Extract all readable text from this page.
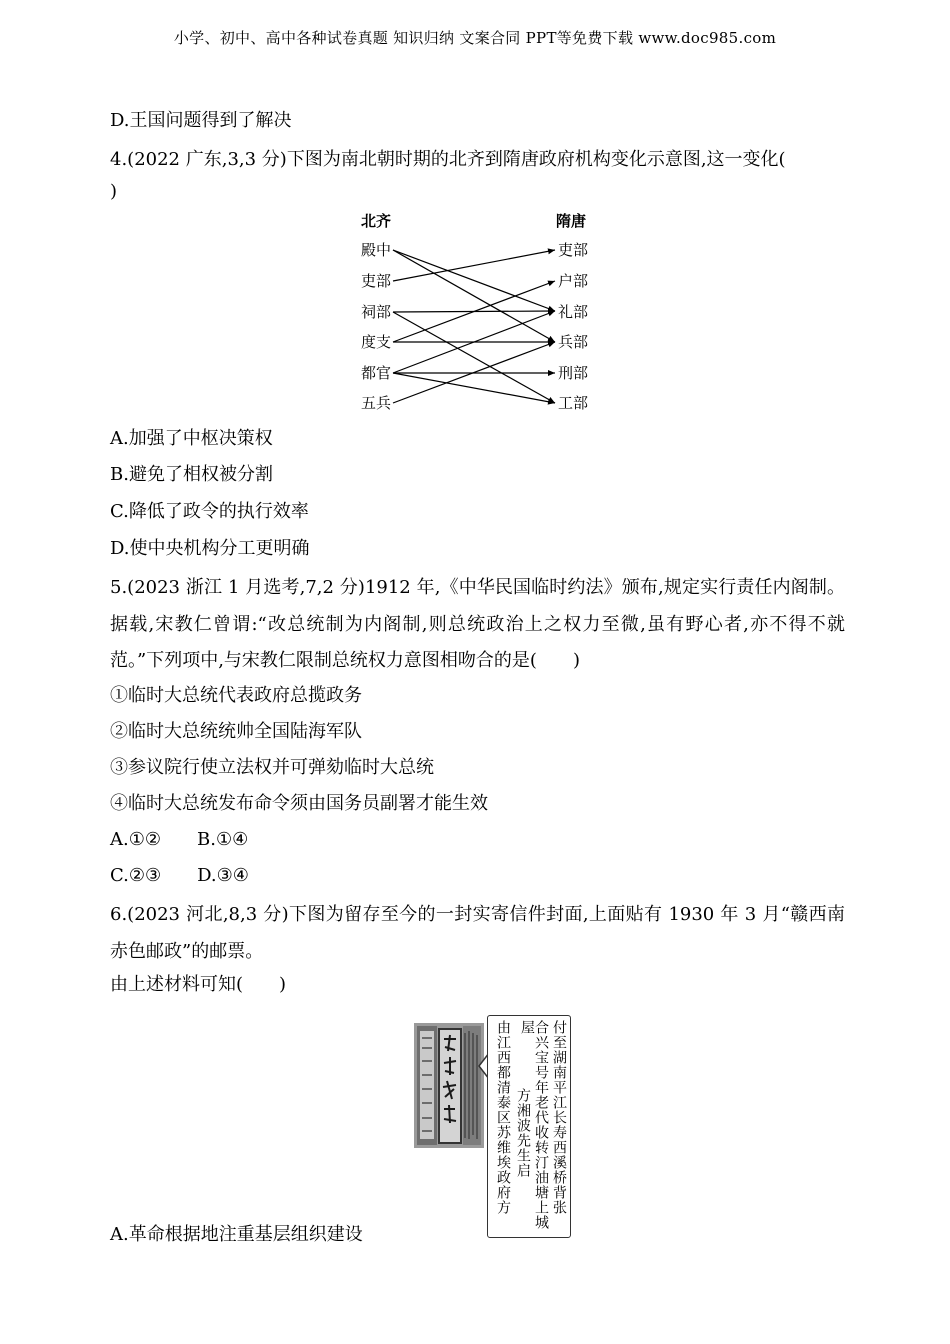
小学、初中、高中各种试卷真题 知识归纳 文案合同 PPT等免费下载 www.doc985.com
D.王国问题得到了解决
4.(2022 广东,3,3 分)下图为南北朝时期的北齐到隋唐政府机构变化示意图,这一变化(
)
北齐	隋唐
殿中
吏部
祠部
度支
都官
五兵
吏部
户部
礼部
兵部
刑部
工部
A.加强了中枢决策权
B.避免了相权被分割
C.降低了政令的执行效率
D.使中央机构分工更明确
5.(2023 浙江 1 月选考,7,2 分)1912 年,《中华民国临时约法》颁布,规定实行责任内阁制。据载,宋教仁曾谓:“改总统制为内阁制,则总统政治上之权力至微,虽有野心者,亦不得不就范。”下列项中,与宋教仁限制总统权力意图相吻合的是(　　)
①临时大总统代表政府总揽政务
②临时大总统统帅全国陆海军队
③参议院行使立法权并可弹劾临时大总统
④临时大总统发布命令须由国务员副署才能生效
A.①②　　B.①④
C.②③　　D.③④
6.(2023 河北,8,3 分)下图为留存至今的一封实寄信件封面,上面贴有 1930 年 3 月“赣西南赤色邮政”的邮票。
由上述材料可知(　　)
付至湖南平江长寿西溪桥背张
合兴宝号年老代收转汀油塘上城屋
方湘波先生启
由江西都清泰区苏维埃政府方
A.革命根据地注重基层组织建设
